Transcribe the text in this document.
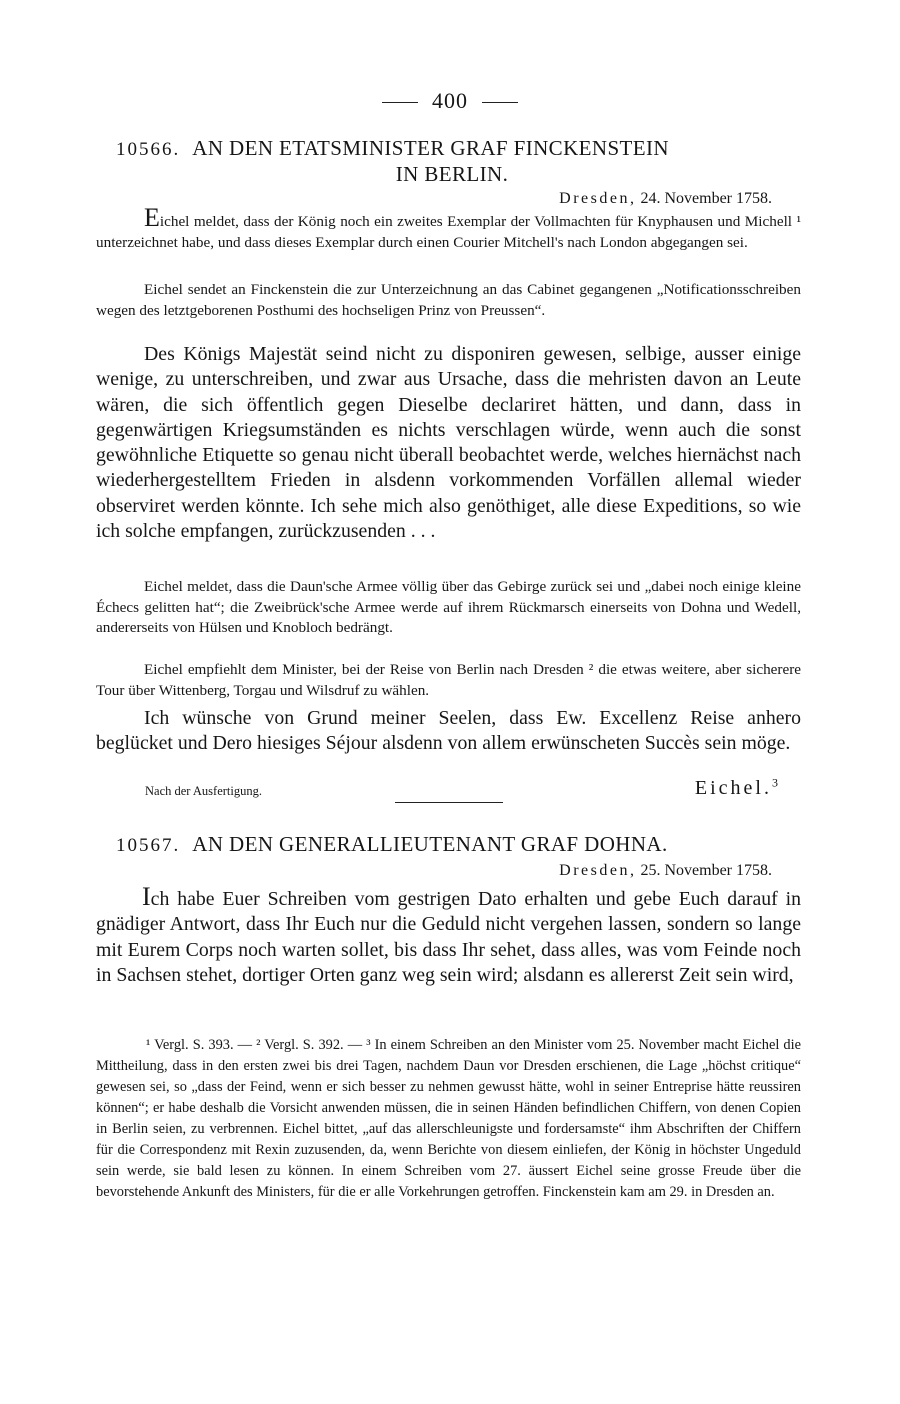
400
10566. AN DEN ETATSMINISTER GRAF FINCKENSTEIN
IN BERLIN.
Dresden, 24. November 1758.

Eichel meldet, dass der König noch ein zweites Exemplar der Vollmachten für Knyphausen und Michell ¹ unterzeichnet habe, und dass dieses Exemplar durch einen Courier Mitchell's nach London abgegangen sei.

Eichel sendet an Finckenstein die zur Unterzeichnung an das Cabinet gegangenen „Notificationsschreiben wegen des letztgeborenen Posthumi des hochseligen Prinz von Preussen“.

Des Königs Majestät seind nicht zu disponiren gewesen, selbige, ausser einige wenige, zu unterschreiben, und zwar aus Ursache, dass die mehristen davon an Leute wären, die sich öffentlich gegen Dieselbe declariret hätten, und dann, dass in gegenwärtigen Kriegsumständen es nichts verschlagen würde, wenn auch die sonst gewöhnliche Etiquette so genau nicht überall beobachtet werde, welches hiernächst nach wiederhergestelltem Frieden in alsdenn vorkommenden Vorfällen allemal wieder observiret werden könnte. Ich sehe mich also genöthiget, alle diese Expeditions, so wie ich solche empfangen, zurückzusenden . . .

Eichel meldet, dass die Daun'sche Armee völlig über das Gebirge zurück sei und „dabei noch einige kleine Échecs gelitten hat“; die Zweibrück'sche Armee werde auf ihrem Rückmarsch einerseits von Dohna und Wedell, andererseits von Hülsen und Knobloch bedrängt.

Eichel empfiehlt dem Minister, bei der Reise von Berlin nach Dresden ² die etwas weitere, aber sicherere Tour über Wittenberg, Torgau und Wilsdruf zu wählen.

Ich wünsche von Grund meiner Seelen, dass Ew. Excellenz Reise anhero beglücket und Dero hiesiges Séjour alsdenn von allem erwünscheten Succès sein möge.

Nach der Ausfertigung.	Eichel.$^3$
10567. AN DEN GENERALLIEUTENANT GRAF DOHNA.
Dresden, 25. November 1758.

Ich habe Euer Schreiben vom gestrigen Dato erhalten und gebe Euch darauf in gnädiger Antwort, dass Ihr Euch nur die Geduld nicht vergehen lassen, sondern so lange mit Eurem Corps noch warten sollet, bis dass Ihr sehet, dass alles, was vom Feinde noch in Sachsen stehet, dortiger Orten ganz weg sein wird; alsdann es allererst Zeit sein wird,

¹ Vergl. S. 393. — ² Vergl. S. 392. — ³ In einem Schreiben an den Minister vom 25. November macht Eichel die Mittheilung, dass in den ersten zwei bis drei Tagen, nachdem Daun vor Dresden erschienen, die Lage „höchst critique“ gewesen sei, so „dass der Feind, wenn er sich besser zu nehmen gewusst hätte, wohl in seiner Entreprise hätte reussiren können“; er habe deshalb die Vorsicht anwenden müssen, die in seinen Händen befindlichen Chiffern, von denen Copien in Berlin seien, zu verbrennen. Eichel bittet, „auf das allerschleunigste und fordersamste“ ihm Abschriften der Chiffern für die Correspondenz mit Rexin zuzusenden, da, wenn Berichte von diesem einliefen, der König in höchster Ungeduld sein werde, sie bald lesen zu können. In einem Schreiben vom 27. äussert Eichel seine grosse Freude über die bevorstehende Ankunft des Ministers, für die er alle Vorkehrungen getroffen. Finckenstein kam am 29. in Dresden an.
